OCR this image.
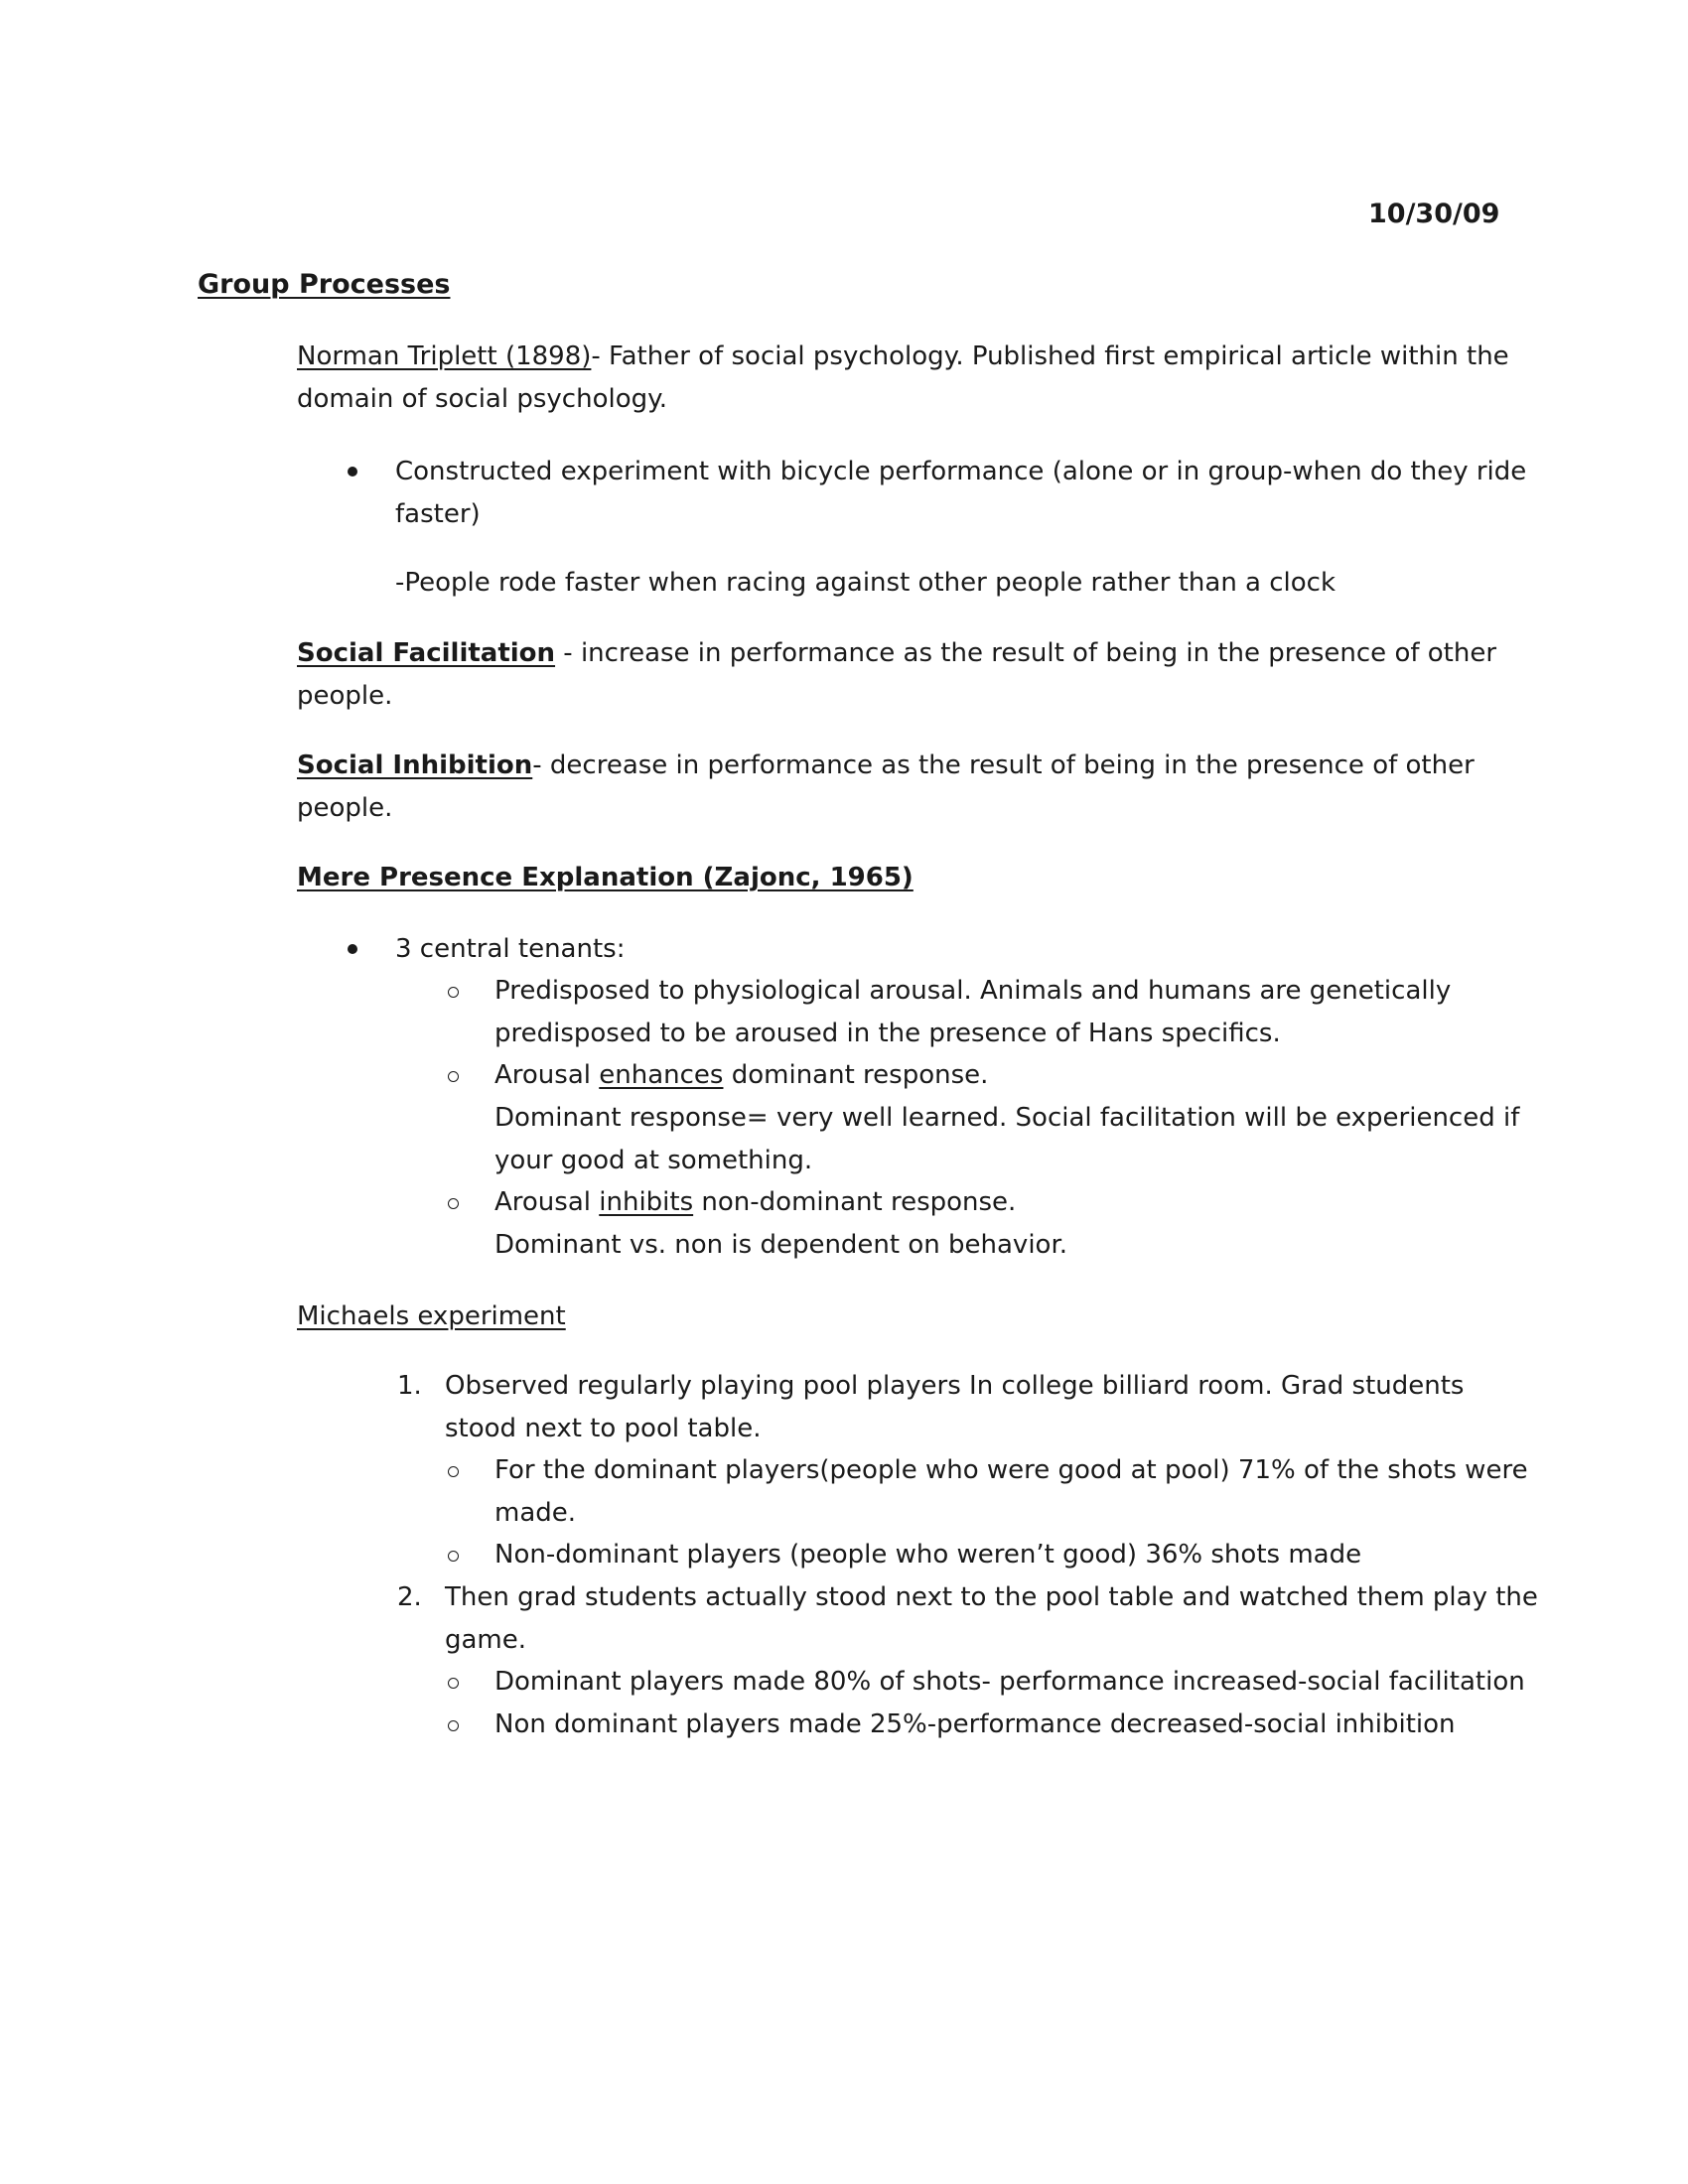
10/30/09
Group Processes
Norman Triplett (1898)- Father of social psychology. Published first empirical article within the
domain of social psychology.
Constructed experiment with bicycle performance (alone or in group-when do they ride
faster)
-People rode faster when racing against other people rather than a clock
Social Facilitation - increase in performance as the result of being in the presence of other
people.
Social Inhibition- decrease in performance as the result of being in the presence of other
people.
Mere Presence Explanation (Zajonc, 1965)
3 central tenants:
Predisposed to physiological arousal. Animals and humans are genetically
predisposed to be aroused in the presence of Hans specifics.
Arousal enhances dominant response.
Dominant response= very well learned. Social facilitation will be experienced if
your good at something.
Arousal inhibits non-dominant response.
Dominant vs. non is dependent on behavior.
Michaels experiment
1. Observed regularly playing pool players In college billiard room. Grad students
stood next to pool table.
For the dominant players(people who were good at pool) 71% of the shots were
made.
Non-dominant players (people who weren’t good) 36% shots made
2. Then grad students actually stood next to the pool table and watched them play the
game.
Dominant players made 80% of shots- performance increased-social facilitation
Non dominant players made 25%-performance decreased-social inhibition
